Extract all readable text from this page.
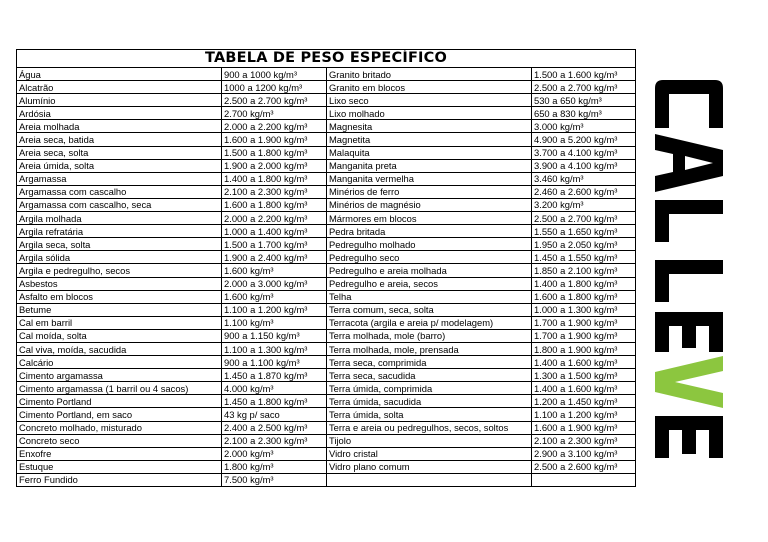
TABELA DE PESO ESPECÍFICO			
Água	900 a 1000 kg/m³	Granito britado	1.500 a 1.600 kg/m³
Alcatrão	1000 a 1200 kg/m³	Granito em blocos	2.500 a 2.700 kg/m³
Alumínio	2.500 a 2.700 kg/m³	Lixo seco	530 a 650 kg/m³
Ardósia	2.700 kg/m³	Lixo molhado	650 a 830 kg/m³
Areia molhada	2.000 a 2.200 kg/m³	Magnesita	3.000 kg/m³
Areia seca, batida	1.600 a 1.900 kg/m³	Magnetita	4.900 a 5.200 kg/m³
Areia seca, solta	1.500 a 1.800 kg/m³	Malaquita	3.700 a 4.100 kg/m³
Areia úmida, solta	1.900 a 2.000 kg/m³	Manganita preta	3.900 a 4.100 kg/m³
Argamassa	1.400 a 1.800 kg/m³	Manganita vermelha	3.460 kg/m³
Argamassa com cascalho	2.100 a 2.300 kg/m³	Minérios de ferro	2.460 a 2.600 kg/m³
Argamassa com cascalho, seca	1.600 a 1.800 kg/m³	Minérios de magnésio	3.200 kg/m³
Argila molhada	2.000 a 2.200 kg/m³	Mármores em blocos	2.500 a 2.700 kg/m³
Argila refratária	1.000 a 1.400 kg/m³	Pedra britada	1.550 a 1.650 kg/m³
Argila seca, solta	1.500 a 1.700 kg/m³	Pedregulho molhado	1.950 a 2.050 kg/m³
Argila sólida	1.900 a 2.400 kg/m³	Pedregulho seco	1.450 a 1.550 kg/m³
Argila e pedregulho, secos	1.600 kg/m³	Pedregulho e areia molhada	1.850 a 2.100 kg/m³
Asbestos	2.000 a 3.000 kg/m³	Pedregulho e areia, secos	1.400 a 1.800 kg/m³
Asfalto em blocos	1.600 kg/m³	Telha	1.600 a 1.800 kg/m³
Betume	1.100 a 1.200 kg/m³	Terra comum, seca, solta	1.000 a 1.300 kg/m³
Cal em barril	1.100 kg/m³	Terracota (argila e areia p/ modelagem)	1.700 a 1.900 kg/m³
Cal moída, solta	900 a 1.150 kg/m³	Terra molhada, mole (barro)	1.700 a 1.900 kg/m³
Cal viva, moída, sacudida	1.100 a 1.300 kg/m³	Terra molhada, mole, prensada	1.800 a 1.900 kg/m³
Calcário	900 a 1.100 kg/m³	Terra seca, comprimida	1.400 a 1.600 kg/m³
Cimento argamassa	1.450 a 1.870 kg/m³	Terra seca, sacudida	1.300 a 1.500 kg/m³
Cimento argamassa (1 barril ou 4 sacos)	4.000 kg/m³	Terra úmida, comprimida	1.400 a 1.600 kg/m³
Cimento Portland	1.450 a 1.800 kg/m³	Terra úmida, sacudida	1.200 a 1.450 kg/m³
Cimento Portland, em saco	43 kg p/ saco	Terra úmida, solta	1.100 a 1.200 kg/m³
Concreto molhado, misturado	2.400 a 2.500 kg/m³	Terra e areia ou pedregulhos, secos, soltos	1.600 a 1.900 kg/m³
Concreto seco	2.100 a 2.300 kg/m³	Tijolo	2.100 a 2.300 kg/m³
Enxofre	2.000 kg/m³	Vidro cristal	2.900 a 3.100 kg/m³
Estuque	1.800 kg/m³	Vidro plano comum	2.500 a 2.600 kg/m³
Ferro Fundido	7.500 kg/m³		
